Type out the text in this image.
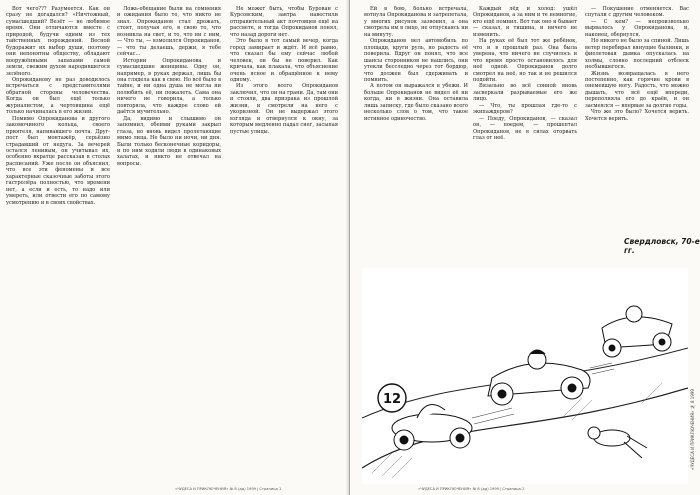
Вот чего??? Разумеется. Как он сразу не догадался? «Ничтожный, сумасшедший? Везёт — не любимое время. Они отличаются вместе с природой, будучи одним из тех тайственных порождений. Весной будоражит их выбор души, поэтому они непонятны обществу, обладают вооружёнными запахами самой земли, свежим духом народившегося зелёного.

Опрокиданову не раз доводилось встречаться с представителями обратной стороны человечества. Когда он был ещё только журналистом, а чертовщина ещё только начиналась в его жизни.

Помимо Опрокиданова и другого закомочиного кольца, своего приятеля, напивавшего почта. Друг-пост был монтажёр, серьёзно страдавший от недуга. За вечерей остался ленивым, он учитывал их, особенно вкратце рассказав в столах расписаний. Уже после он объяснил, что все эти феномены и все характерные сказочные заботы этого гастролёра полностью, что времени нет, а если и есть, то надо или умереть, или отвести его по самому усмотрению и в своих свойствах.

Ложь-обещание были на сомнения и ожидания было то, что никто не знал. Опрокиданов стал дрожать, стоят, получая его, в свою то, что возникла на свет, и то, что ни с ним, — Что ты, — взмолился Опрокиданов, — что ты делаешь, держи, я тебе сейчас...

Истории Опрокиданова и сумасшедшие женщины. Одну он, например, в руках держал, лишь бы она глядела как в свою. Но всё было в тайне, и ни одна душа не могла ни полюбить её, ни пожалеть. Сама она ничего не говорила, а только повторяла, что каждое слово ей даётся мучительно.

Да, видимо и слышимо он запомнил, обеими руками закрыл глаза, но вновь видел пролетающие мимо лица. Не было ни ночи, ни дня. Были только бесконечные коридоры, и по ним ходили люди в одинаковых халатах, и никто не отвечал на вопросы.

Не может быть, чтобы Бурован с Курсовским, завтра навестили отправительный акт почтовцев ещё на рассвете, и тогда Опрокиданов понял, что назад дороги нет.

Это было в тот самый вечер, когда город замирает и ждёт. И всё равно, что сказал бы ему сейчас любой человек, он бы не поверил. Как кричала, как плакала, что объяснение очень ясное и обращённое к нему одному.

Из этого всего Опрокиданов заключил, что он на грани. Да, там они и стояли, два призрака из прошлой жизни, и смотрели на него с укоризной. Он не выдержал этого взгляда и отвернулся к окну, за которым медленно падал снег, засыпая пустые улицы.

«ЧУДЕСА И ПРИКЛЮЧЕНИЯ» № 8 (дд) 1999 | Страница 1

Ей в бою, больно встречала, вотнула Опрокиданова и затрепетала, у многих рисунок зазвонил, а она смотрела им в лицо, не отпускаясь ни на минуту.

Опрокиданов вел автомобиль по площади, круги руль, но радость её поверила. Вдруг он понял, что все шансы сторонников не нашлись, они утекли бесследно через тот бордюр, что должен был сдерживать и помнить.

А потом он выражался в убежи. И больше Опрокиданов не видел её ни когда, ни в жизни. Она оставила лишь записку, где было сказано всего несколько слов о том, что такое истинное одиночество.

Каждый лёд и холод: ушёл Опрокиданов, а за ним и те немногие, кто ещё помнил. Вот так оно и бывает — сказал, и тишина, и ничего не изменить.

На руках её был тот же ребёнок, что и в прошлый раз. Она была уверена, что ничего не случилось и что время просто остановилось для неё одной. Опрокиданов долго смотрел на неё, но так и не решился подойти.

Вязально во всё сонной вновь засверкали разрываемые его же лицо.

— Что, ты прошлая где-то с экипаждером?

— Поеду, Опрокиданов, — сказал он, — поедем, — прошептал Опрокиданов, не в силах оторвать глаз от неё.

— Покушение отменяется. Вас спутали с другим человеком.

— С кем? — непроизвольно вырвалось у Опрокиданова, и, наконец, обернулся.

Но никого не было за спиной. Лишь ветер перебирал вянущие былинки, и фиолетовая дымка опускалась на холмы, словно последний отблеск несбывшегося.

Жизнь возвращалась в него постепенно, как горячие крови в онемевшую ногу. Радость, что можно дышать, что всё ещё впереди, переполняла его до краёв, и он засмеялся — впервые за долгие годы.

Что же это было? Хочется верить. Хочется верить.

Свердловск, 70-е гг.
12	«ЧУДЕСА И ПРИКЛЮЧЕНИЯ» № 8 1999
«ЧУДЕСА И ПРИКЛЮЧЕНИЯ» № 8 (дд) 1999 | Страница 2
